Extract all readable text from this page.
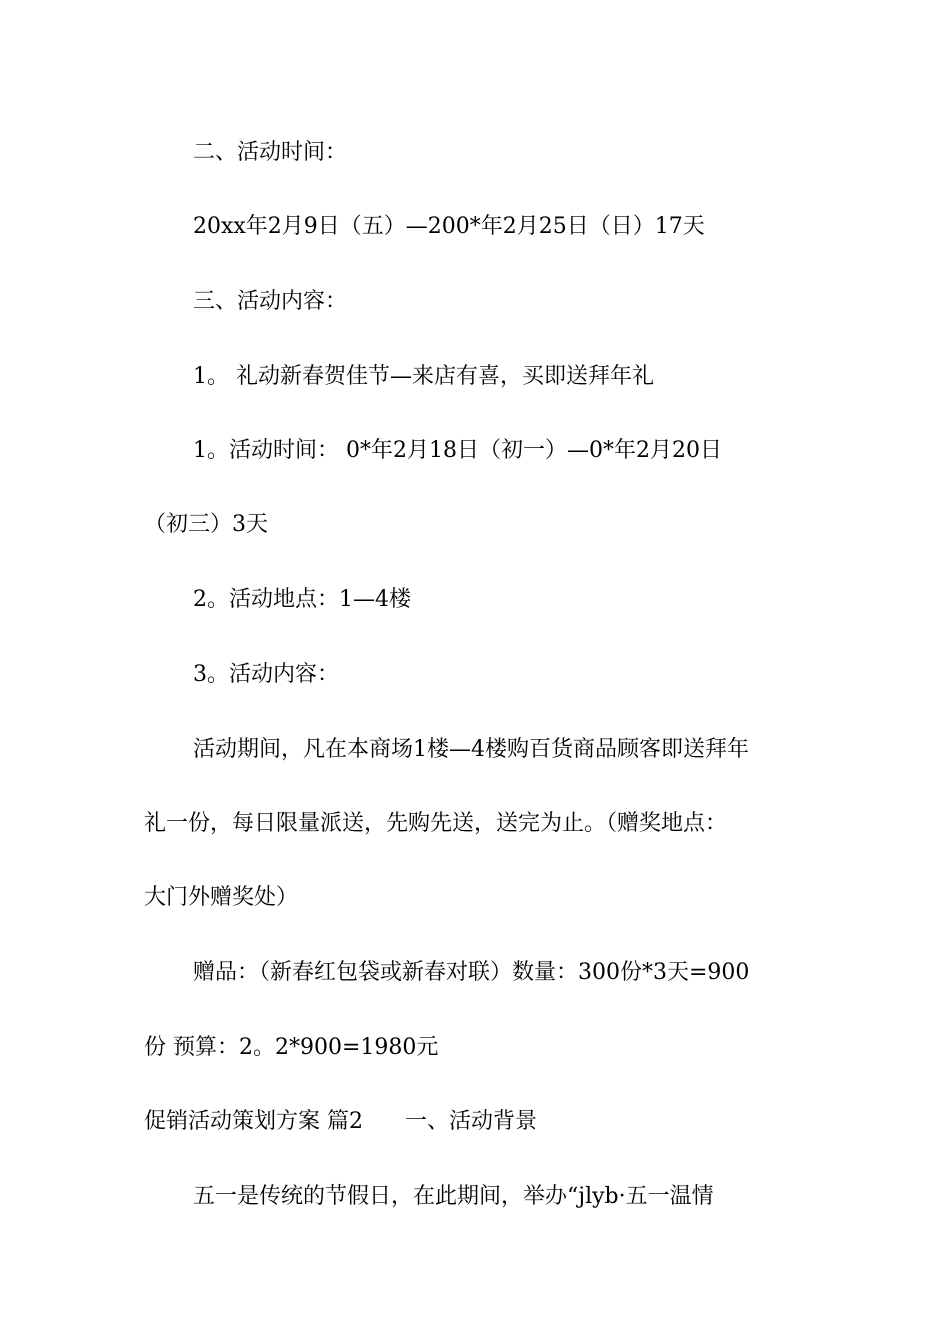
二、活动时间：

20xx年2月9日（五）—200*年2月25日（日）17天

三、活动内容：

1。 礼动新春贺佳节—来店有喜，买即送拜年礼

1。活动时间： 0*年2月18日（初一）—0*年2月20日

（初三）3天

2。活动地点：1—4楼

3。活动内容：

活动期间，凡在本商场1楼—4楼购百货商品顾客即送拜年

礼一份，每日限量派送，先购先送，送完为止。（赠奖地点：

大门外赠奖处）

赠品：（新春红包袋或新春对联）数量：300份*3天=900

份 预算：2。2*900=1980元

促销活动策划方案 篇2      一、活动背景

五一是传统的节假日，在此期间，举办“jlyb·五一温情
